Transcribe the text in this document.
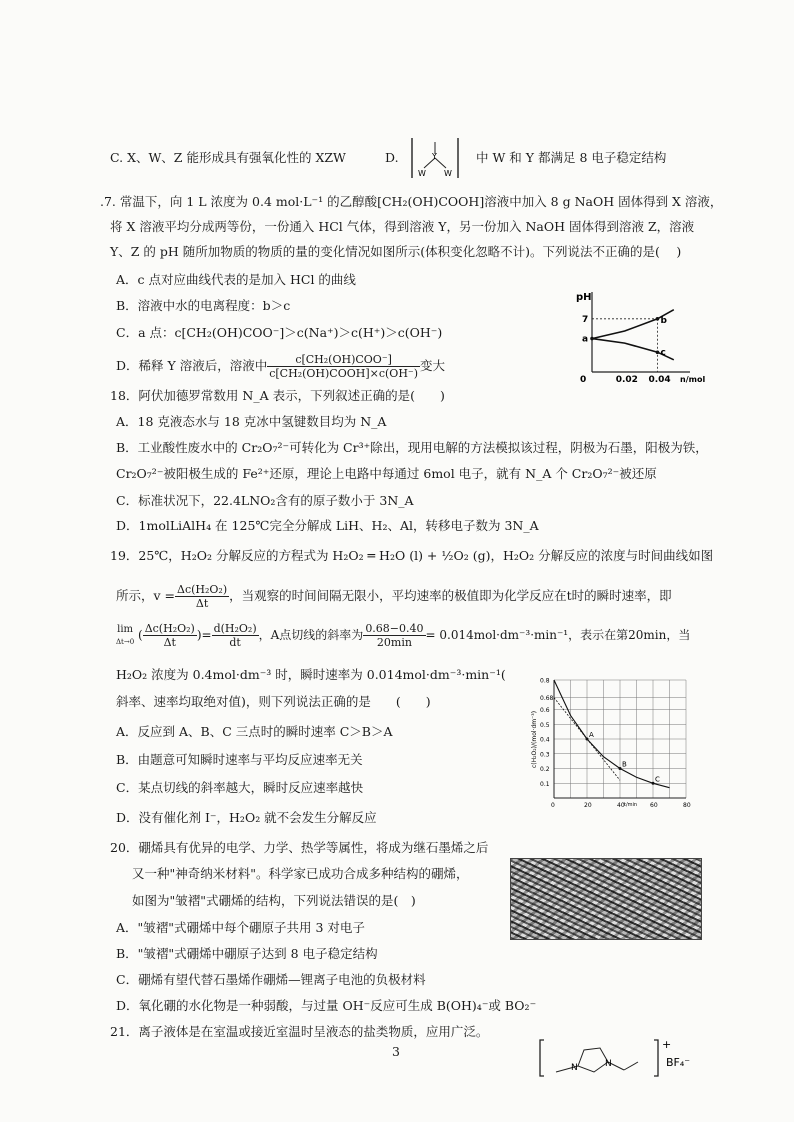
C. X、W、Z 能形成具有强氧化性的 XZW	D.	Y
W W
中 W 和 Y 都满足 8 电子稳定结构
.7. 常温下，向 1 L 浓度为 0.4 mol·L⁻¹ 的乙醇酸[CH₂(OH)COOH]溶液中加入 8 g NaOH 固体得到 X 溶液，
将 X 溶液平均分成两等份，一份通入 HCl 气体，得到溶液 Y，另一份加入 NaOH 固体得到溶液 Z，溶液
Y、Z 的 pH 随所加物质的物质的量的变化情况如图所示(体积变化忽略不计)。下列说法不正确的是(　 )
A．c 点对应曲线代表的是加入 HCl 的曲线
B．溶液中水的电离程度：b＞c
C．a 点：c[CH₂(OH)COO⁻]＞c(Na⁺)＞c(H⁺)＞c(OH⁻)
D．稀释 Y 溶液后，溶液中 $\frac{\text{c[CH₂(OH)COO⁻]}}{\text{c[CH₂(OH)COOH]×c(OH⁻)}}$ 变大
pH
n/mol
0	0.02 0.04
7
a
b
c
18．阿伏加德罗常数用 N_A 表示，下列叙述正确的是(　　)
A．18 克液态水与 18 克冰中氢键数目均为 N_A
B．工业酸性废水中的 Cr₂O₇²⁻可转化为 Cr³⁺除出，现用电解的方法模拟该过程，阴极为石墨，阳极为铁，
Cr₂O₇²⁻被阳极生成的 Fe²⁺还原，理论上电路中每通过 6mol 电子，就有 N_A 个 Cr₂O₇²⁻被还原
C．标准状况下，22.4LNO₂含有的原子数小于 3N_A
D．1molLiAlH₄ 在 125℃完全分解成 LiH、H₂、Al，转移电子数为 3N_A
19．25℃，H₂O₂ 分解反应的方程式为 H₂O₂ ═ H₂O (l) + ½O₂ (g)，H₂O₂ 分解反应的浓度与时间曲线如图
所示，$v = \frac{\text{Δc(H₂O₂)}}{\Delta t}$ ，当观察的时间间隔无限小，平均速率的极值即为化学反应在t时的瞬时速率，即
lim
Δt→0 ( $\frac{\text{Δc(H₂O₂)}}{\Delta t}$ )= $\frac{\text{d(H₂O₂)}}{dt}$ ，A点切线的斜率为 $\frac{0.68-0.40}{20\min} = 0.014mol\cdot dm^{-3}\cdot\min^{-1}$，表示在第20min，当
H₂O₂ 浓度为 0.4mol·dm⁻³ 时，瞬时速率为 0.014mol·dm⁻³·min⁻¹(
斜率、速率均取绝对值)，则下列说法正确的是　　(　　)
A．反应到 A、B、C 三点时的瞬时速率 C＞B＞A
B．由题意可知瞬时速率与平均反应速率无关
C．某点切线的斜率越大，瞬时反应速率越快
D．没有催化剂 I⁻，H₂O₂ 就不会发生分解反应
0.1
0.2
0.3
0.4
0.5
0.6
0.68
0.8
0	20	40	60	80
t/min
c(H₂O₂)/(mol·dm⁻³)	A
B
C
20．硼烯具有优异的电学、力学、热学等属性，将成为继石墨烯之后
又一种"神奇纳米材料"。科学家已成功合成多种结构的硼烯，
如图为"皱褶"式硼烯的结构，下列说法错误的是(　)
A．"皱褶"式硼烯中每个硼原子共用 3 对电子
B．"皱褶"式硼烯中硼原子达到 8 电子稳定结构
C．硼烯有望代替石墨烯作硼烯—锂离子电池的负极材料
D．氧化硼的水化物是一种弱酸，与过量 OH⁻反应可生成 B(OH)₄⁻或 BO₂⁻
21．离子液体是在室温或接近室温时呈液态的盐类物质，应用广泛。
N	N
+
BF₄⁻
3
